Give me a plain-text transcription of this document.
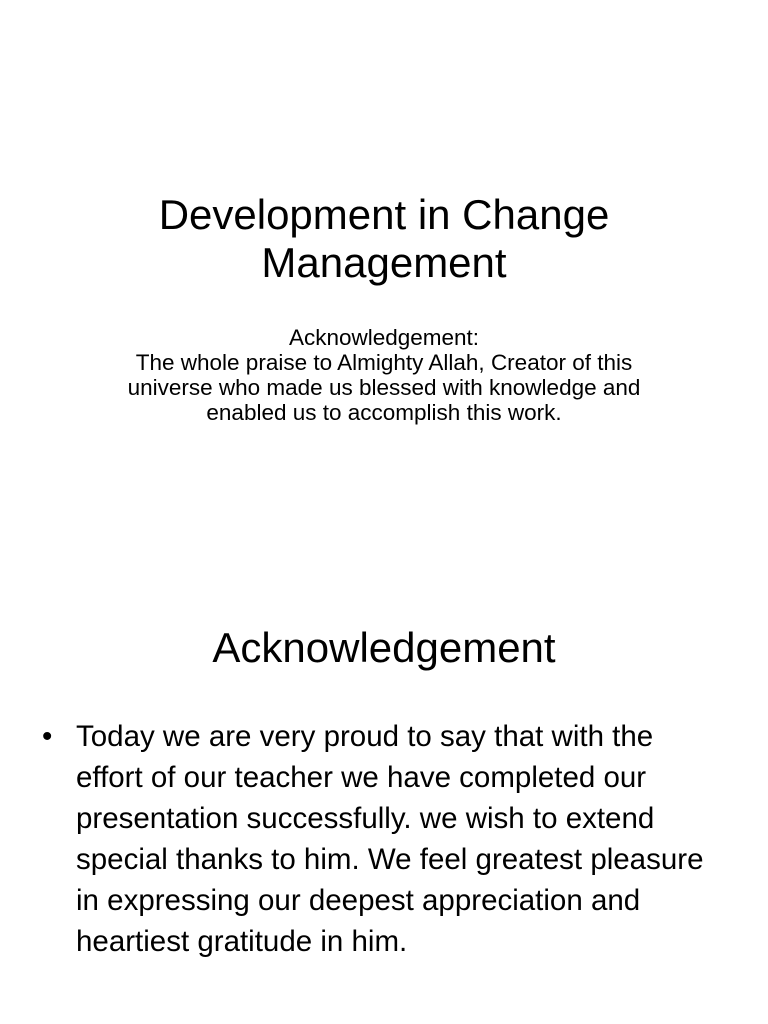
Development in Change Management
Acknowledgement:
The whole praise to Almighty Allah, Creator of this universe who made us blessed with knowledge and enabled us to accomplish this work.
Acknowledgement
• Today we are very proud to say that with the effort of our teacher we have completed our presentation successfully. we wish to extend special thanks to him. We feel greatest pleasure in expressing our deepest appreciation and heartiest gratitude in him.
